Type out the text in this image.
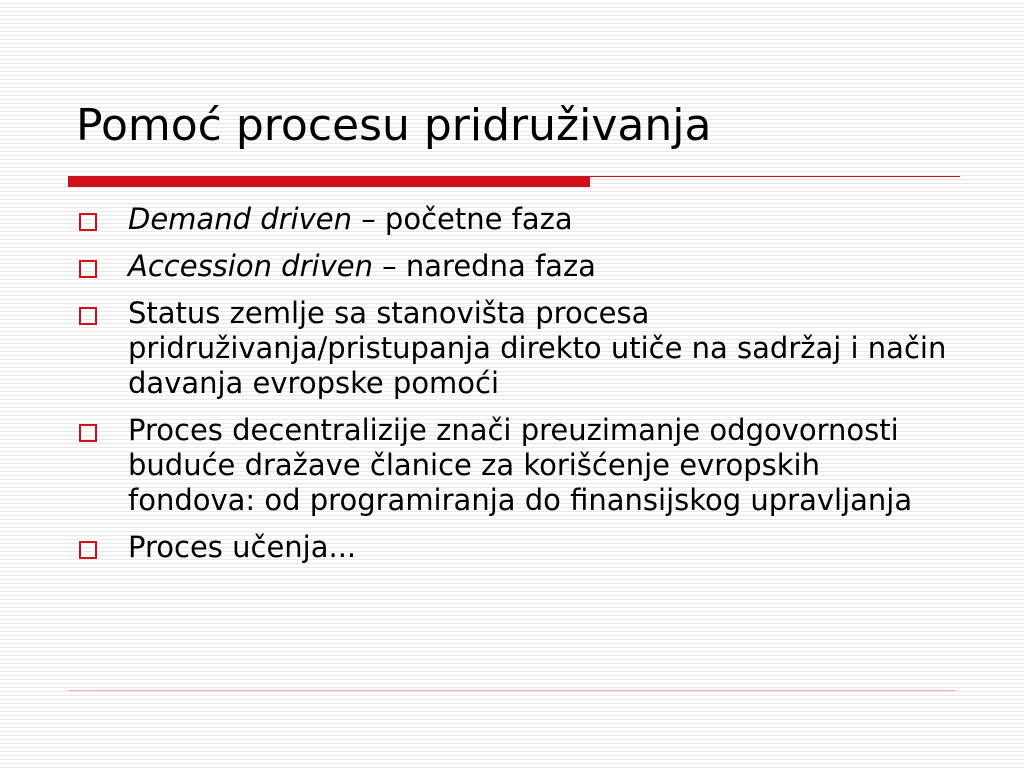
Pomoć procesu pridruživanja
Demand driven – početne faza
Accession driven – naredna faza
Status zemlje sa stanovišta procesa pridruživanja/pristupanja direkto utiče na sadržaj i način davanja evropske pomoći
Proces decentralizije znači preuzimanje odgovornosti buduće dražave članice za korišćenje evropskih fondova: od programiranja do finansijskog upravljanja
Proces učenja...
